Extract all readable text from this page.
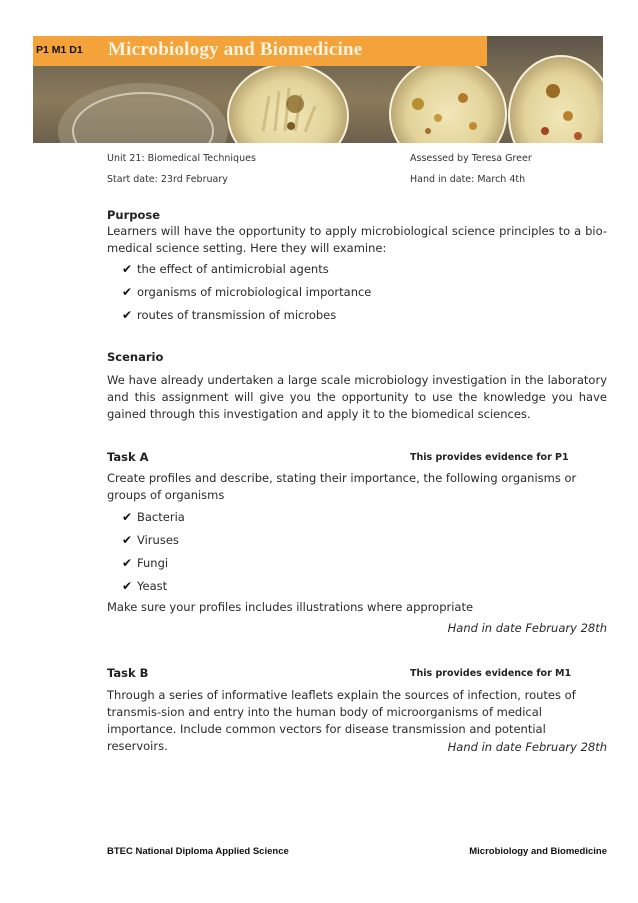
P1 M1 D1 Microbiology and Biomedicine
Unit 21: Biomedical Techniques	Assessed by Teresa Greer
Start date: 23rd February	Hand in date: March 4th
Purpose
Learners will have the opportunity to apply microbiological science principles to a bio-medical science setting. Here they will examine:
✔ the effect of antimicrobial agents
✔ organisms of microbiological importance
✔ routes of transmission of microbes
Scenario
We have already undertaken a large scale microbiology investigation in the laboratory and this assignment will give you the opportunity to use the knowledge you have gained through this investigation and apply it to the biomedical sciences.
Task A	This provides evidence for P1
Create profiles and describe, stating their importance, the following organisms or groups of organisms
✔ Bacteria
✔ Viruses
✔ Fungi
✔ Yeast
Make sure your profiles includes illustrations where appropriate
Hand in date February 28th
Task B	This provides evidence for M1
Through a series of informative leaflets explain the sources of infection, routes of transmis-sion and entry into the human body of microorganisms of medical importance. Include common vectors for disease transmission and potential reservoirs.	Hand in date February 28th
BTEC National Diploma Applied Science	Microbiology and Biomedicine
